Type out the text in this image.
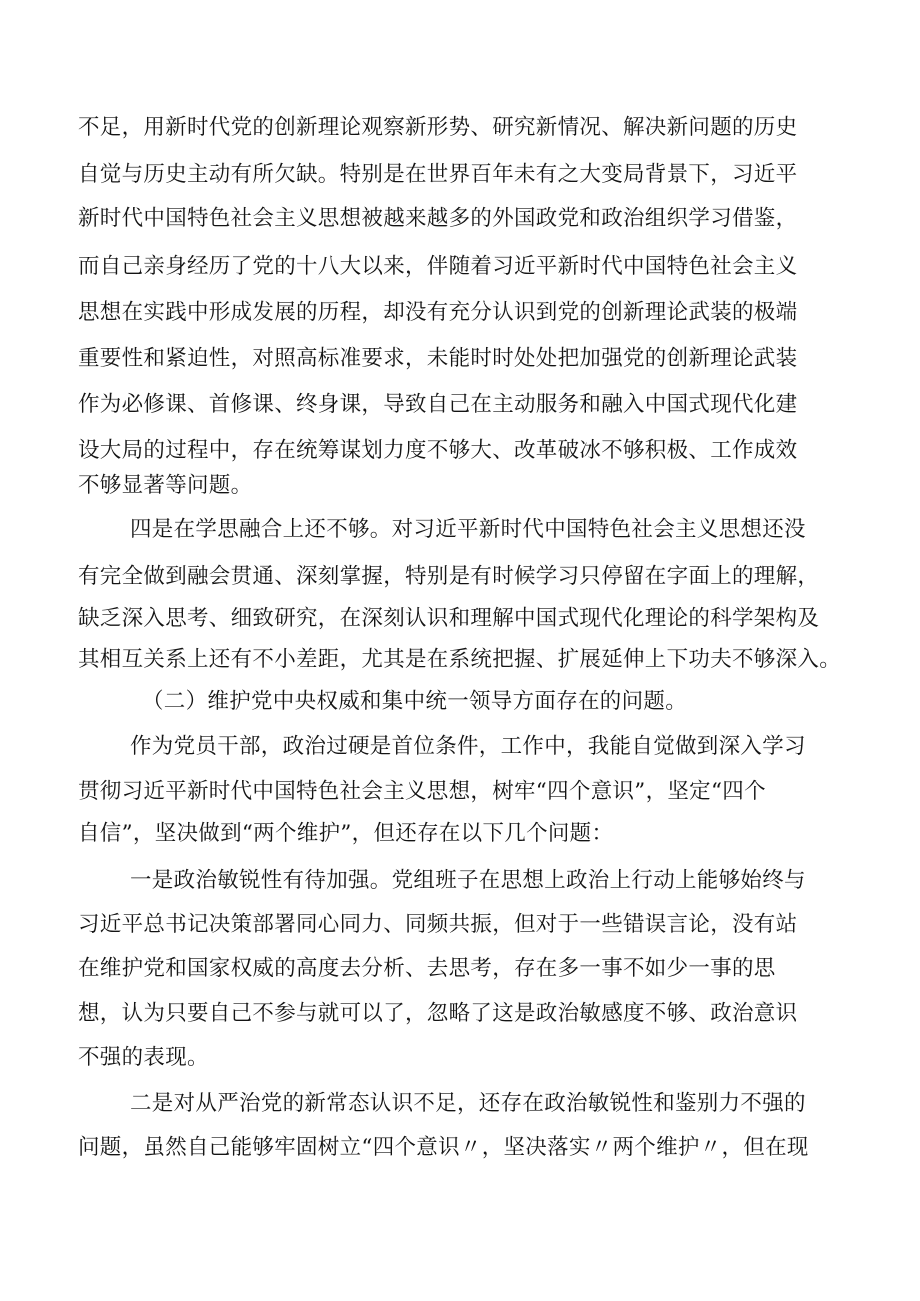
不足，用新时代党的创新理论观察新形势、研究新情况、解决新问题的历史
自觉与历史主动有所欠缺。特别是在世界百年未有之大变局背景下，习近平
新时代中国特色社会主义思想被越来越多的外国政党和政治组织学习借鉴，
而自己亲身经历了党的十八大以来，伴随着习近平新时代中国特色社会主义
思想在实践中形成发展的历程，却没有充分认识到党的创新理论武装的极端
重要性和紧迫性，对照高标准要求，未能时时处处把加强党的创新理论武装
作为必修课、首修课、终身课，导致自己在主动服务和融入中国式现代化建
设大局的过程中，存在统筹谋划力度不够大、改革破冰不够积极、工作成效
不够显著等问题。
四是在学思融合上还不够。对习近平新时代中国特色社会主义思想还没
有完全做到融会贯通、深刻掌握，特别是有时候学习只停留在字面上的理解，
缺乏深入思考、细致研究，在深刻认识和理解中国式现代化理论的科学架构及
其相互关系上还有不小差距，尤其是在系统把握、扩展延伸上下功夫不够深入。
（二）维护党中央权威和集中统一领导方面存在的问题。
作为党员干部，政治过硬是首位条件，工作中，我能自觉做到深入学习
贯彻习近平新时代中国特色社会主义思想，树牢“四个意识”，坚定“四个
自信”，坚决做到“两个维护”，但还存在以下几个问题：
一是政治敏锐性有待加强。党组班子在思想上政治上行动上能够始终与
习近平总书记决策部署同心同力、同频共振，但对于一些错误言论，没有站
在维护党和国家权威的高度去分析、去思考，存在多一事不如少一事的思
想，认为只要自己不参与就可以了，忽略了这是政治敏感度不够、政治意识
不强的表现。
二是对从严治党的新常态认识不足，还存在政治敏锐性和鉴别力不强的
问题，虽然自己能够牢固树立“四个意识〃，坚决落实〃两个维护〃，但在现
